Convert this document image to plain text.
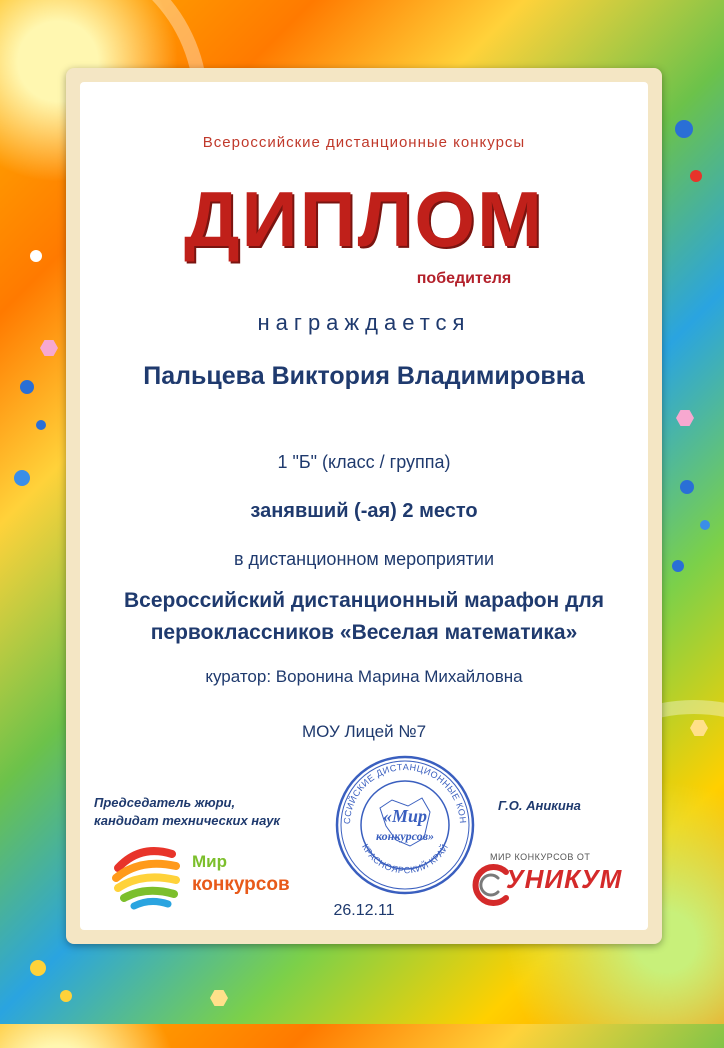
Всероссийские дистанционные конкурсы
ДИПЛОМ
победителя
награждается
Пальцева Виктория Владимировна
1 "Б" (класс / группа)
занявший (-ая) 2 место
в дистанционном мероприятии
Всероссийский дистанционный марафон для
первоклассников «Веселая математика»
куратор: Воронина Марина Михайловна
МОУ Лицей №7
Председатель жюри,
кандидат технических наук
Г.О. Аникина
Мир
конкурсов
ССИЙСКИЕ ДИСТАНЦИОННЫЕ КОН
КРАСНОЯРСКИЙ КРАЙ
«Мир
конкурсов»
МИР КОНКУРСОВ ОТ
УНИКУМ
26.12.11
